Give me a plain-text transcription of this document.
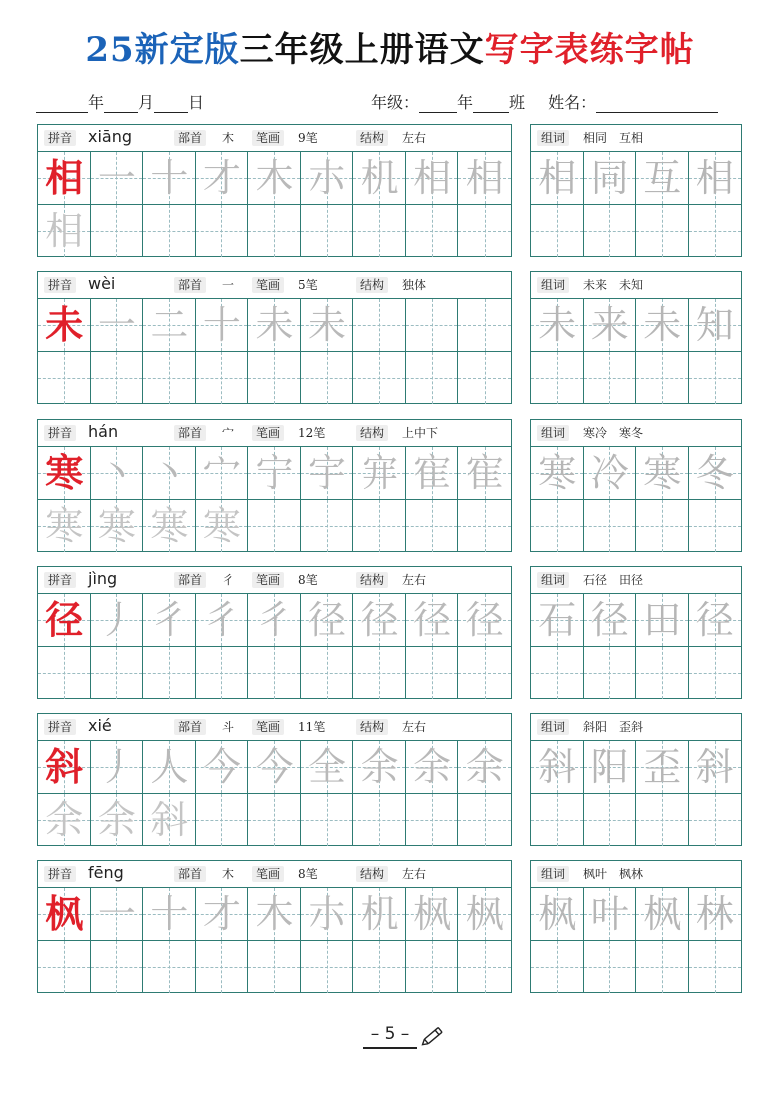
25新定版三年级上册语文写字表练字帖
年 月 日	年级： 年 班 姓名：
拼音 xiāng	部首	木	笔画	9笔	结构	左右
相 一 十 才 木 朩 机 相 相
相
组词	相同　互相
相 同 互 相
拼音 wèi	部首	一	笔画	5笔	结构	独体
未 一 二 十 未 未
组词	未来　未知
未 来 未 知
拼音 hán	部首	宀	笔画	12笔	结构	上中下
寒 丶 丶 宀 宁 宇 宑 寉 寉
寒 寒 寒 寒
组词	寒冷　寒冬
寒 冷 寒 冬
拼音 jìng	部首	彳	笔画	8笔	结构	左右
径 丿 彳 彳 彳 径 径 径 径
组词	石径　田径
石 径 田 径
拼音 xié	部首	斗	笔画	11笔	结构	左右
斜 丿 人 今 今 全 余 余 余
余 余 斜
组词	斜阳　歪斜
斜 阳 歪 斜
拼音 fēng	部首	木	笔画	8笔	结构	左右
枫 一 十 才 木 朩 机 枫 枫
组词	枫叶　枫林
枫 叶 枫 林
– 5 –
